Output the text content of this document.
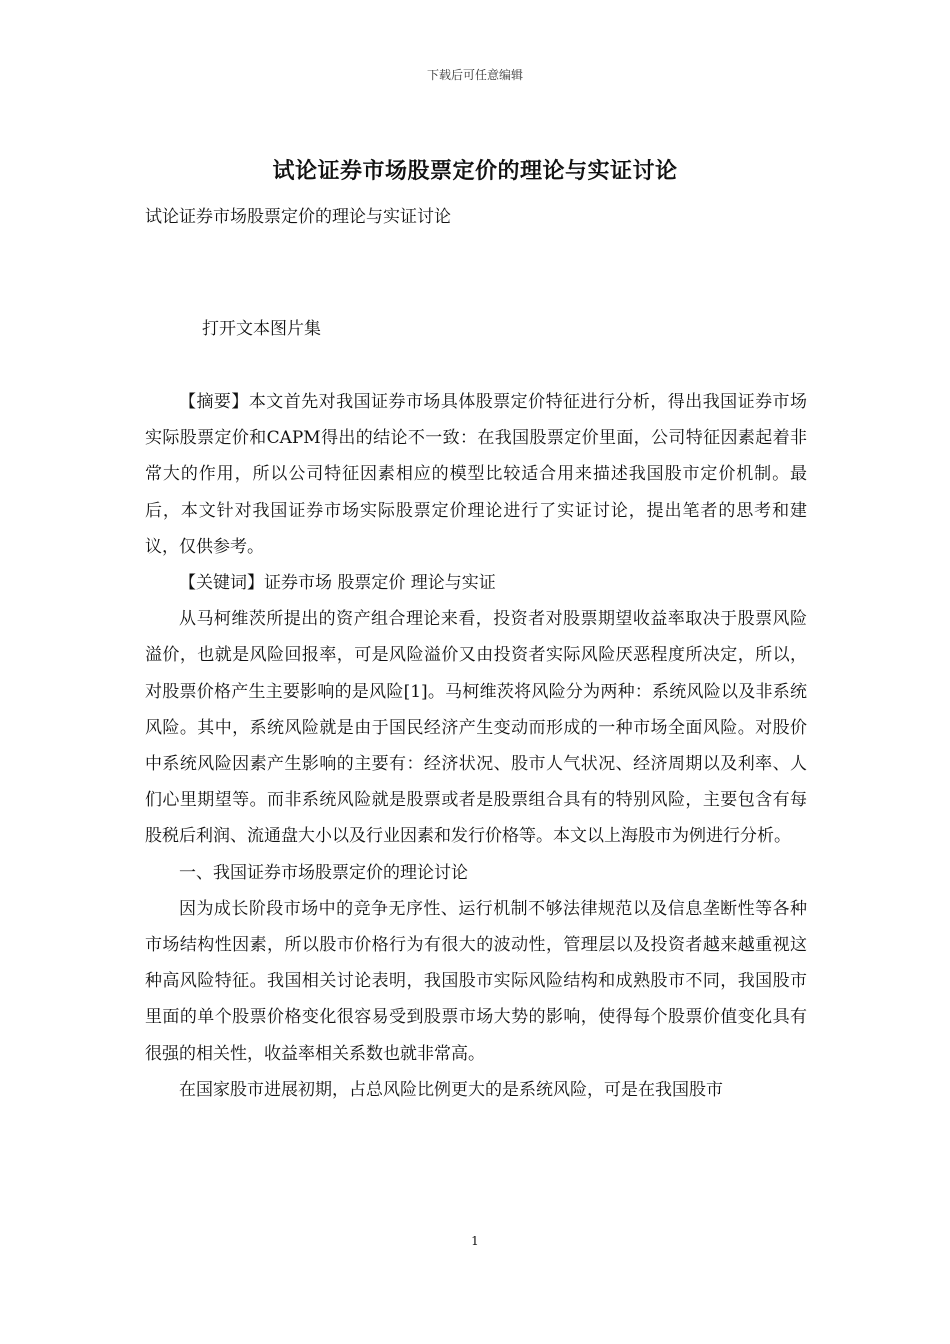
下载后可任意编辑
试论证券市场股票定价的理论与实证讨论
试论证券市场股票定价的理论与实证讨论
打开文本图片集

【摘要】本文首先对我国证券市场具体股票定价特征进行分析，得出我国证券市场实际股票定价和CAPM得出的结论不一致：在我国股票定价里面，公司特征因素起着非常大的作用，所以公司特征因素相应的模型比较适合用来描述我国股市定价机制。最后，本文针对我国证券市场实际股票定价理论进行了实证讨论，提出笔者的思考和建议，仅供参考。

【关键词】证券市场 股票定价 理论与实证

从马柯维茨所提出的资产组合理论来看，投资者对股票期望收益率取决于股票风险溢价，也就是风险回报率，可是风险溢价又由投资者实际风险厌恶程度所决定，所以，对股票价格产生主要影响的是风险[1]。马柯维茨将风险分为两种：系统风险以及非系统风险。其中，系统风险就是由于国民经济产生变动而形成的一种市场全面风险。对股价中系统风险因素产生影响的主要有：经济状况、股市人气状况、经济周期以及利率、人们心里期望等。而非系统风险就是股票或者是股票组合具有的特别风险，主要包含有每股税后利润、流通盘大小以及行业因素和发行价格等。本文以上海股市为例进行分析。

一、我国证券市场股票定价的理论讨论

因为成长阶段市场中的竞争无序性、运行机制不够法律规范以及信息垄断性等各种市场结构性因素，所以股市价格行为有很大的波动性，管理层以及投资者越来越重视这种高风险特征。我国相关讨论表明，我国股市实际风险结构和成熟股市不同，我国股市里面的单个股票价格变化很容易受到股票市场大势的影响，使得每个股票价值变化具有很强的相关性，收益率相关系数也就非常高。

在国家股市进展初期，占总风险比例更大的是系统风险，可是在我国股市

1
